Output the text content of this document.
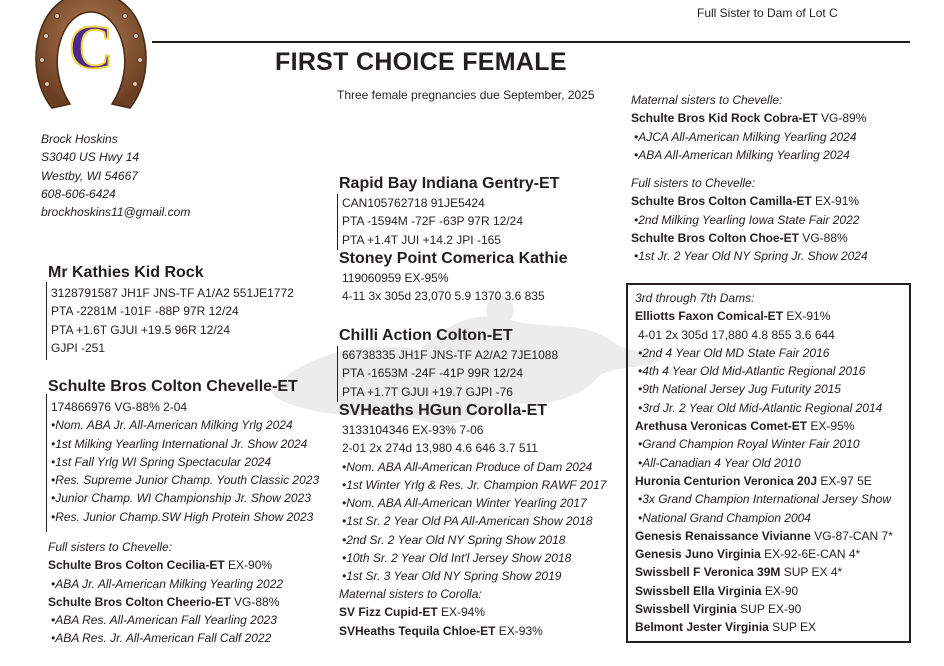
C
Full Sister to Dam of Lot C
FIRST CHOICE FEMALE
Three female pregnancies due September, 2025
Brock Hoskins
S3040 US Hwy 14
Westby, WI 54667
608-606-6424
brockhoskins11@gmail.com
Mr Kathies Kid Rock
3128791587 JH1F JNS-TF A1/A2 551JE1772
PTA -2281M -101F -88P 97R 12/24
PTA +1.6T GJUI +19.5 96R 12/24
GJPI -251
Schulte Bros Colton Chevelle-ET
174866976 VG-88% 2-04
•Nom. ABA Jr. All-American Milking Yrlg 2024
•1st Milking Yearling International Jr. Show 2024
•1st Fall Yrlg WI Spring Spectacular 2024
•Res. Supreme Junior Champ. Youth Classic 2023
•Junior Champ. WI Championship Jr. Show 2023
•Res. Junior Champ.SW High Protein Show 2023
Full sisters to Chevelle:
Schulte Bros Colton Cecilia-ET EX-90%
•ABA Jr. All-American Milking Yearling 2022
Schulte Bros Colton Cheerio-ET VG-88%
•ABA Res. All-American Fall Yearling 2023
•ABA Res. Jr. All-American Fall Calf 2022
Rapid Bay Indiana Gentry-ET
CAN105762718 91JE5424
PTA -1594M -72F -63P 97R 12/24
PTA +1.4T JUI +14.2 JPI -165
Stoney Point Comerica Kathie
119060959 EX-95%
4-11 3x 305d 23,070 5.9 1370 3.6 835
Chilli Action Colton-ET
66738335 JH1F JNS-TF A2/A2 7JE1088
PTA -1653M -24F -41P 99R 12/24
PTA +1.7T GJUI +19.7 GJPI -76
SVHeaths HGun Corolla-ET
3133104346 EX-93% 7-06
2-01 2x 274d 13,980 4.6 646 3.7 511
•Nom. ABA All-American Produce of Dam 2024
•1st Winter Yrlg & Res. Jr. Champion RAWF 2017
•Nom. ABA All-American Winter Yearling 2017
•1st Sr. 2 Year Old PA All-American Show 2018
•2nd Sr. 2 Year Old NY Spring Show 2018
•10th Sr. 2 Year Old Int'l Jersey Show 2018
•1st Sr. 3 Year Old NY Spring Show 2019
Maternal sisters to Corolla:
SV Fizz Cupid-ET EX-94%
SVHeaths Tequila Chloe-ET EX-93%
Maternal sisters to Chevelle:
Schulte Bros Kid Rock Cobra-ET VG-89%
•AJCA All-American Milking Yearling 2024
•ABA All-American Milking Yearling 2024
Full sisters to Chevelle:
Schulte Bros Colton Camilla-ET EX-91%
•2nd Milking Yearling Iowa State Fair 2022
Schulte Bros Colton Choe-ET VG-88%
•1st Jr. 2 Year Old NY Spring Jr. Show 2024
3rd through 7th Dams:
Elliotts Faxon Comical-ET EX-91%
4-01 2x 305d 17,880 4.8 855 3.6 644
•2nd 4 Year Old MD State Fair 2016
•4th 4 Year Old Mid-Atlantic Regional 2016
•9th National Jersey Jug Futurity 2015
•3rd Jr. 2 Year Old Mid-Atlantic Regional 2014
Arethusa Veronicas Comet-ET EX-95%
•Grand Champion Royal Winter Fair 2010
•All-Canadian 4 Year Old 2010
Huronia Centurion Veronica 20J EX-97 5E
•3x Grand Champion International Jersey Show
•National Grand Champion 2004
Genesis Renaissance Vivianne VG-87-CAN 7*
Genesis Juno Virginia EX-92-6E-CAN 4*
Swissbell F Veronica 39M SUP EX 4*
Swissbell Ella Virginia EX-90
Swissbell Virginia SUP EX-90
Belmont Jester Virginia SUP EX
